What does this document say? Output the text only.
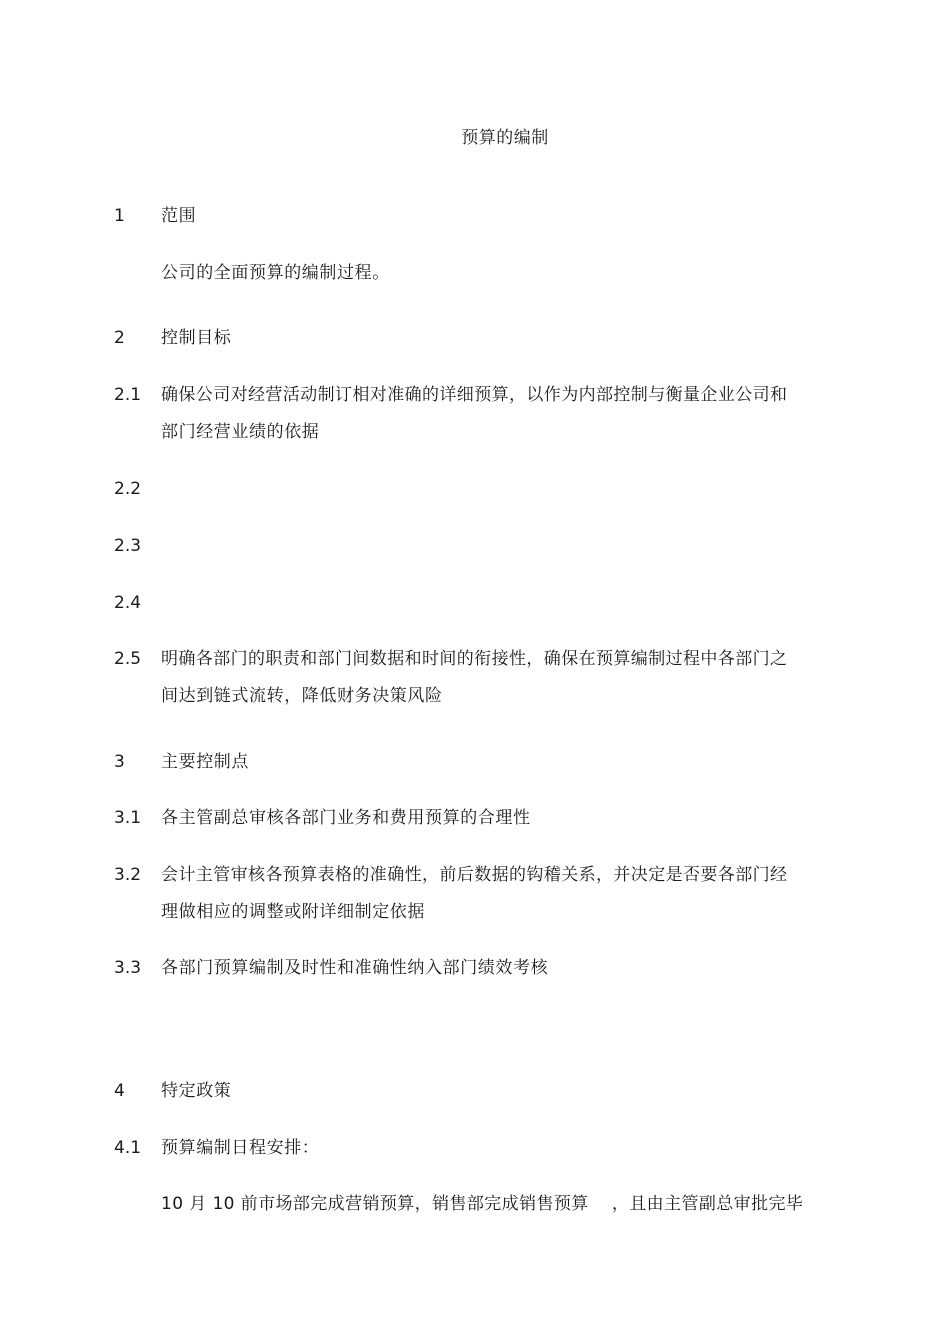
预算的编制
1	范围
公司的全面预算的编制过程。
2	控制目标
2.1	确保公司对经营活动制订相对准确的详细预算，以作为内部控制与衡量企业公司和
部门经营业绩的依据
2.2
2.3
2.4
2.5	明确各部门的职责和部门间数据和时间的衔接性，确保在预算编制过程中各部门之
间达到链式流转，降低财务决策风险
3	主要控制点
3.1	各主管副总审核各部门业务和费用预算的合理性
3.2	会计主管审核各预算表格的准确性，前后数据的钩稽关系，并决定是否要各部门经
理做相应的调整或附详细制定依据
3.3	各部门预算编制及时性和准确性纳入部门绩效考核
4	特定政策
4.1	预算编制日程安排：
10 月 10 前市场部完成营销预算，销售部完成销售预算　 ，且由主管副总审批完毕
